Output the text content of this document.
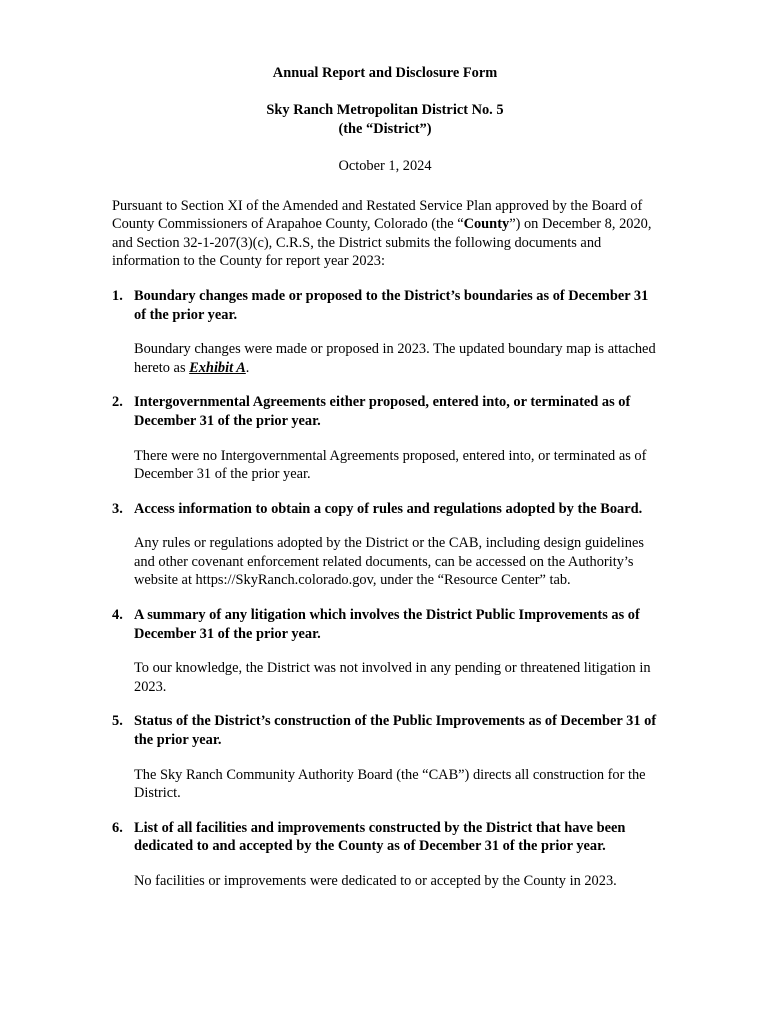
Annual Report and Disclosure Form
Sky Ranch Metropolitan District No. 5
(the “District”)
October 1, 2024

Pursuant to Section XI of the Amended and Restated Service Plan approved by the Board of County Commissioners of Arapahoe County, Colorado (the “County”) on December 8, 2020, and Section 32-1-207(3)(c), C.R.S, the District submits the following documents and information to the County for report year 2023:

1. Boundary changes made or proposed to the District’s boundaries as of December 31 of the prior year.
Boundary changes were made or proposed in 2023. The updated boundary map is attached hereto as Exhibit A.
2. Intergovernmental Agreements either proposed, entered into, or terminated as of December 31 of the prior year.
There were no Intergovernmental Agreements proposed, entered into, or terminated as of December 31 of the prior year.
3. Access information to obtain a copy of rules and regulations adopted by the Board.
Any rules or regulations adopted by the District or the CAB, including design guidelines and other covenant enforcement related documents, can be accessed on the Authority’s website at https://SkyRanch.colorado.gov, under the “Resource Center” tab.
4. A summary of any litigation which involves the District Public Improvements as of December 31 of the prior year.
To our knowledge, the District was not involved in any pending or threatened litigation in 2023.
5. Status of the District’s construction of the Public Improvements as of December 31 of the prior year.
The Sky Ranch Community Authority Board (the “CAB”) directs all construction for the District.
6. List of all facilities and improvements constructed by the District that have been dedicated to and accepted by the County as of December 31 of the prior year.
No facilities or improvements were dedicated to or accepted by the County in 2023.
